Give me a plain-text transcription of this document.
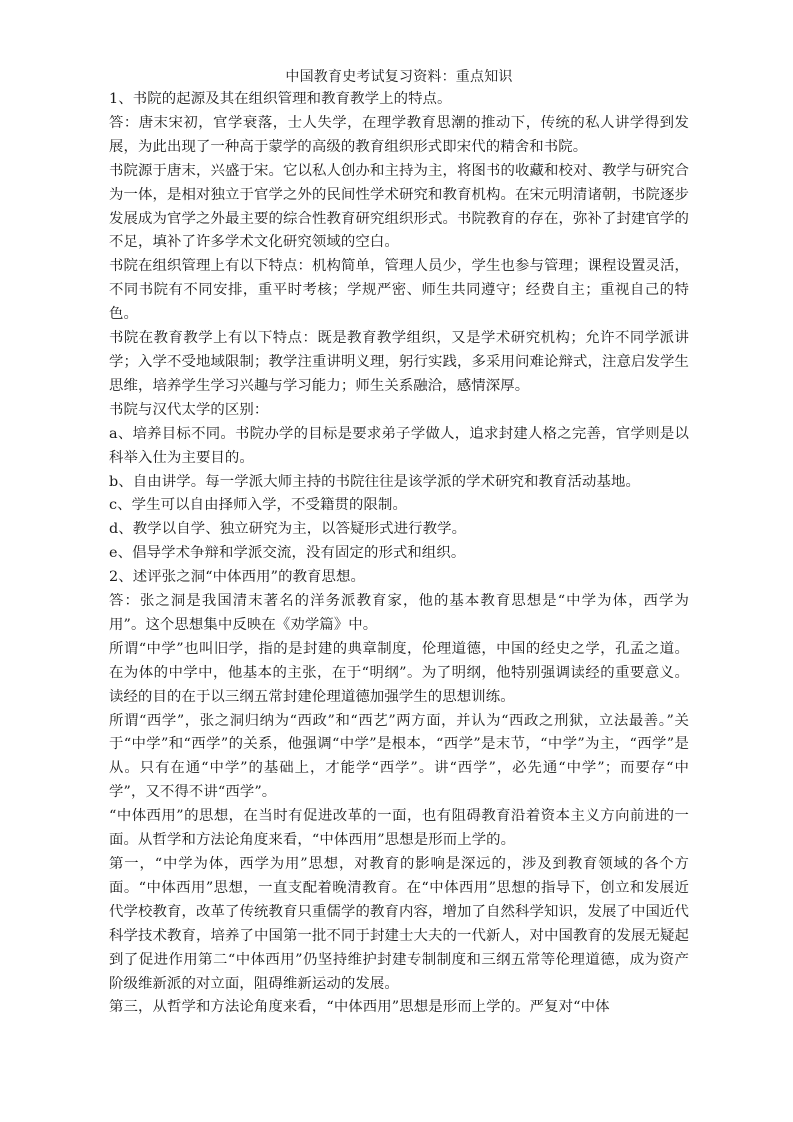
中国教育史考试复习资料：重点知识

1、书院的起源及其在组织管理和教育教学上的特点。

答：唐末宋初，官学衰落，士人失学，在理学教育思潮的推动下，传统的私人讲学得到发展，为此出现了一种高于蒙学的高级的教育组织形式即宋代的精舍和书院。

书院源于唐末，兴盛于宋。它以私人创办和主持为主，将图书的收藏和校对、教学与研究合为一体，是相对独立于官学之外的民间性学术研究和教育机构。在宋元明清诸朝，书院逐步发展成为官学之外最主要的综合性教育研究组织形式。书院教育的存在，弥补了封建官学的不足，填补了许多学术文化研究领域的空白。

书院在组织管理上有以下特点：机构简单，管理人员少，学生也参与管理；课程设置灵活，不同书院有不同安排，重平时考核；学规严密、师生共同遵守；经费自主；重视自己的特色。

书院在教育教学上有以下特点：既是教育教学组织，又是学术研究机构；允许不同学派讲学；入学不受地域限制；教学注重讲明义理，躬行实践，多采用问难论辩式，注意启发学生思维，培养学生学习兴趣与学习能力；师生关系融洽，感情深厚。

书院与汉代太学的区别：

a、培养目标不同。书院办学的目标是要求弟子学做人，追求封建人格之完善，官学则是以科举入仕为主要目的。

b、自由讲学。每一学派大师主持的书院往往是该学派的学术研究和教育活动基地。

c、学生可以自由择师入学，不受籍贯的限制。

d、教学以自学、独立研究为主，以答疑形式进行教学。

e、倡导学术争辩和学派交流，没有固定的形式和组织。

2、述评张之洞“中体西用”的教育思想。

答：张之洞是我国清末著名的洋务派教育家，他的基本教育思想是“中学为体，西学为用”。这个思想集中反映在《劝学篇》中。

所谓“中学”也叫旧学，指的是封建的典章制度，伦理道德，中国的经史之学，孔孟之道。在为体的中学中，他基本的主张，在于“明纲”。为了明纲，他特别强调读经的重要意义。读经的目的在于以三纲五常封建伦理道德加强学生的思想训练。

所谓“西学”，张之洞归纳为“西政”和“西艺”两方面，并认为“西政之刑狱，立法最善。”关于“中学”和“西学”的关系，他强调“中学”是根本，“西学”是末节，“中学”为主，“西学”是从。只有在通“中学”的基础上，才能学“西学”。讲“西学”，必先通“中学”；而要存“中学”，又不得不讲“西学”。

“中体西用”的思想，在当时有促进改革的一面，也有阻碍教育沿着资本主义方向前进的一面。从哲学和方法论角度来看，“中体西用”思想是形而上学的。

第一，“中学为体，西学为用”思想，对教育的影响是深远的，涉及到教育领域的各个方面。“中体西用”思想，一直支配着晚清教育。在“中体西用”思想的指导下，创立和发展近代学校教育，改革了传统教育只重儒学的教育内容，增加了自然科学知识，发展了中国近代科学技术教育，培养了中国第一批不同于封建士大夫的一代新人，对中国教育的发展无疑起到了促进作用第二“中体西用”仍坚持维护封建专制制度和三纲五常等伦理道德，成为资产阶级维新派的对立面，阻碍维新运动的发展。

第三，从哲学和方法论角度来看，“中体西用”思想是形而上学的。严复对“中体
